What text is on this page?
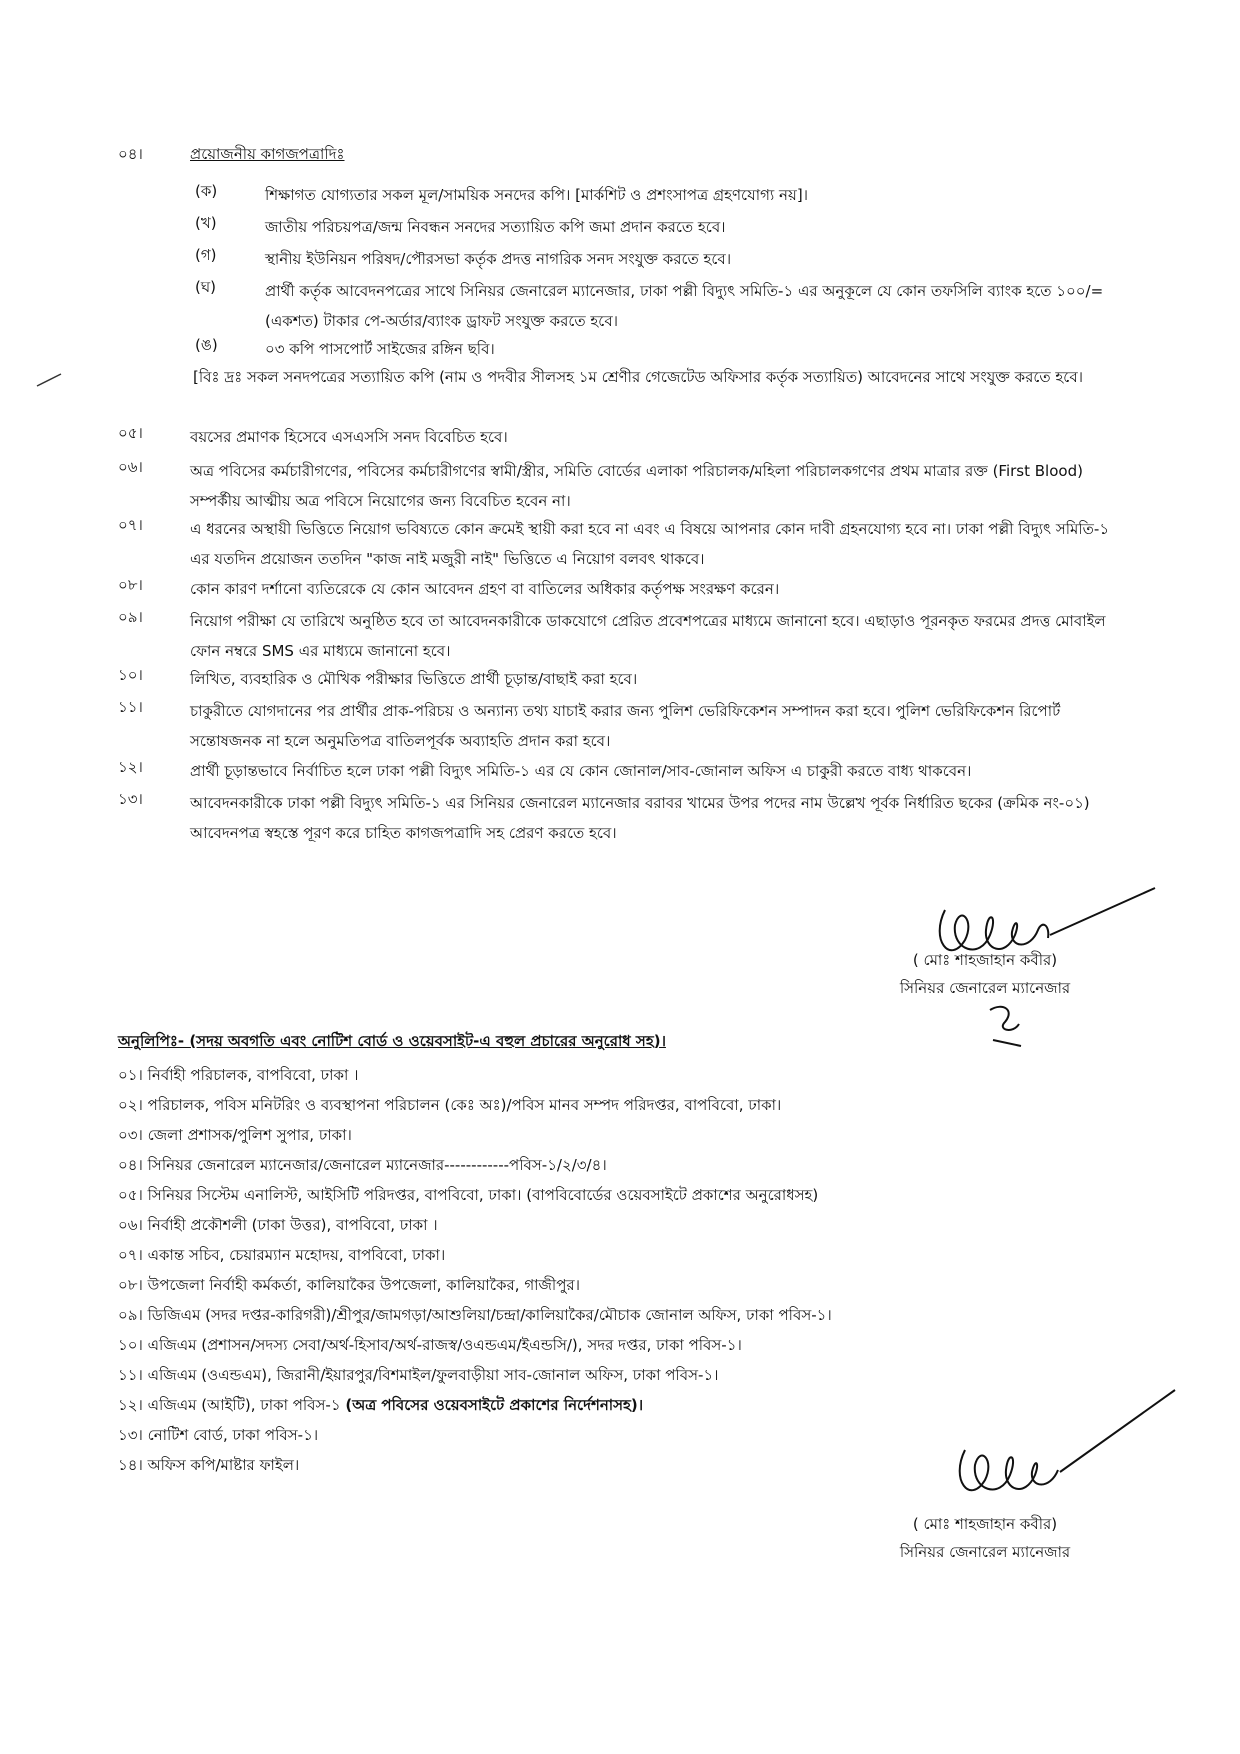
০৪।	প্রয়োজনীয় কাগজপত্রাদিঃ
(ক)	শিক্ষাগত যোগ্যতার সকল মূল/সাময়িক সনদের কপি। [মার্কশিট ও প্রশংসাপত্র গ্রহণযোগ্য নয়]।
(খ)	জাতীয় পরিচয়পত্র/জন্ম নিবন্ধন সনদের সত্যায়িত কপি জমা প্রদান করতে হবে।
(গ)	স্থানীয় ইউনিয়ন পরিষদ/পৌরসভা কর্তৃক প্রদত্ত নাগরিক সনদ সংযুক্ত করতে হবে।
(ঘ)	প্রার্থী কর্তৃক আবেদনপত্রের সাথে সিনিয়র জেনারেল ম্যানেজার, ঢাকা পল্লী বিদ্যুৎ সমিতি-১ এর অনুকূলে যে কোন তফসিলি ব্যাংক হতে ১০০/= (একশত) টাকার পে-অর্ডার/ব্যাংক ড্রাফট সংযুক্ত করতে হবে।
(ঙ)	০৩ কপি পাসপোর্ট সাইজের রঙ্গিন ছবি।
[বিঃ দ্রঃ সকল সনদপত্রের সত্যায়িত কপি (নাম ও পদবীর সীলসহ ১ম শ্রেণীর গেজেটেড অফিসার কর্তৃক সত্যায়িত) আবেদনের সাথে সংযুক্ত করতে হবে।
০৫।	বয়সের প্রমাণক হিসেবে এসএসসি সনদ বিবেচিত হবে।
০৬।	অত্র পবিসের কর্মচারীগণের, পবিসের কর্মচারীগণের স্বামী/স্ত্রীর, সমিতি বোর্ডের এলাকা পরিচালক/মহিলা পরিচালকগণের প্রথম মাত্রার রক্ত (First Blood) সম্পর্কীয় আত্মীয় অত্র পবিসে নিয়োগের জন্য বিবেচিত হবেন না।
০৭।	এ ধরনের অস্থায়ী ভিত্তিতে নিয়োগ ভবিষ্যতে কোন ক্রমেই স্থায়ী করা হবে না এবং এ বিষয়ে আপনার কোন দাবী গ্রহনযোগ্য হবে না। ঢাকা পল্লী বিদ্যুৎ সমিতি-১ এর যতদিন প্রয়োজন ততদিন "কাজ নাই মজুরী নাই" ভিত্তিতে এ নিয়োগ বলবৎ থাকবে।
০৮।	কোন কারণ দর্শানো ব্যতিরেকে যে কোন আবেদন গ্রহণ বা বাতিলের অধিকার কর্তৃপক্ষ সংরক্ষণ করেন।
০৯।	নিয়োগ পরীক্ষা যে তারিখে অনুষ্ঠিত হবে তা আবেদনকারীকে ডাকযোগে প্রেরিত প্রবেশপত্রের মাধ্যমে জানানো হবে। এছাড়াও পূরনকৃত ফরমের প্রদত্ত মোবাইল ফোন নম্বরে SMS এর মাধ্যমে জানানো হবে।
১০।	লিখিত, ব্যবহারিক ও মৌখিক পরীক্ষার ভিত্তিতে প্রার্থী চূড়ান্ত/বাছাই করা হবে।
১১।	চাকুরীতে যোগদানের পর প্রার্থীর প্রাক-পরিচয় ও অন্যান্য তথ্য যাচাই করার জন্য পুলিশ ভেরিফিকেশন সম্পাদন করা হবে। পুলিশ ভেরিফিকেশন রিপোর্ট সন্তোষজনক না হলে অনুমতিপত্র বাতিলপূর্বক অব্যাহতি প্রদান করা হবে।
১২।	প্রার্থী চূড়ান্তভাবে নির্বাচিত হলে ঢাকা পল্লী বিদ্যুৎ সমিতি-১ এর যে কোন জোনাল/সাব-জোনাল অফিস এ চাকুরী করতে বাধ্য থাকবেন।
১৩।	আবেদনকারীকে ঢাকা পল্লী বিদ্যুৎ সমিতি-১ এর সিনিয়র জেনারেল ম্যানেজার বরাবর খামের উপর পদের নাম উল্লেখ পূর্বক নির্ধারিত ছকের (ক্রমিক নং-০১) আবেদনপত্র স্বহস্তে পূরণ করে চাহিত কাগজপত্রাদি সহ প্রেরণ করতে হবে।
( মোঃ শাহজাহান কবীর)
সিনিয়র জেনারেল ম্যানেজার
অনুলিপিঃ- (সদয় অবগতি এবং নোটিশ বোর্ড ও ওয়েবসাইট-এ বহুল প্রচারের অনুরোধ সহ)।
০১। নির্বাহী পরিচালক, বাপবিবো, ঢাকা ।
০২। পরিচালক, পবিস মনিটরিং ও ব্যবস্থাপনা পরিচালন (কেঃ অঃ)/পবিস মানব সম্পদ পরিদপ্তর, বাপবিবো, ঢাকা।
০৩। জেলা প্রশাসক/পুলিশ সুপার, ঢাকা।
০৪। সিনিয়র জেনারেল ম্যানেজার/জেনারেল ম্যানেজার------------পবিস-১/২/৩/৪।
০৫। সিনিয়র সিস্টেম এনালিস্ট, আইসিটি পরিদপ্তর, বাপবিবো, ঢাকা। (বাপবিবোর্ডের ওয়েবসাইটে প্রকাশের অনুরোধসহ)
০৬। নির্বাহী প্রকৌশলী (ঢাকা উত্তর), বাপবিবো, ঢাকা ।
০৭। একান্ত সচিব, চেয়ারম্যান মহোদয়, বাপবিবো, ঢাকা।
০৮। উপজেলা নির্বাহী কর্মকর্তা, কালিয়াকৈর উপজেলা, কালিয়াকৈর, গাজীপুর।
০৯। ডিজিএম (সদর দপ্তর-কারিগরী)/শ্রীপুর/জামগড়া/আশুলিয়া/চন্দ্রা/কালিয়াকৈর/মৌচাক জোনাল অফিস, ঢাকা পবিস-১।
১০। এজিএম (প্রশাসন/সদস্য সেবা/অর্থ-হিসাব/অর্থ-রাজস্ব/ওএন্ডএম/ইএন্ডসি/), সদর দপ্তর, ঢাকা পবিস-১।
১১। এজিএম (ওএন্ডএম), জিরানী/ইয়ারপুর/বিশমাইল/ফুলবাড়ীয়া সাব-জোনাল অফিস, ঢাকা পবিস-১।
১২। এজিএম (আইটি), ঢাকা পবিস-১ (অত্র পবিসের ওয়েবসাইটে প্রকাশের নির্দেশনাসহ)।
১৩। নোটিশ বোর্ড, ঢাকা পবিস-১।
১৪। অফিস কপি/মাষ্টার ফাইল।
( মোঃ শাহজাহান কবীর)
সিনিয়র জেনারেল ম্যানেজার
